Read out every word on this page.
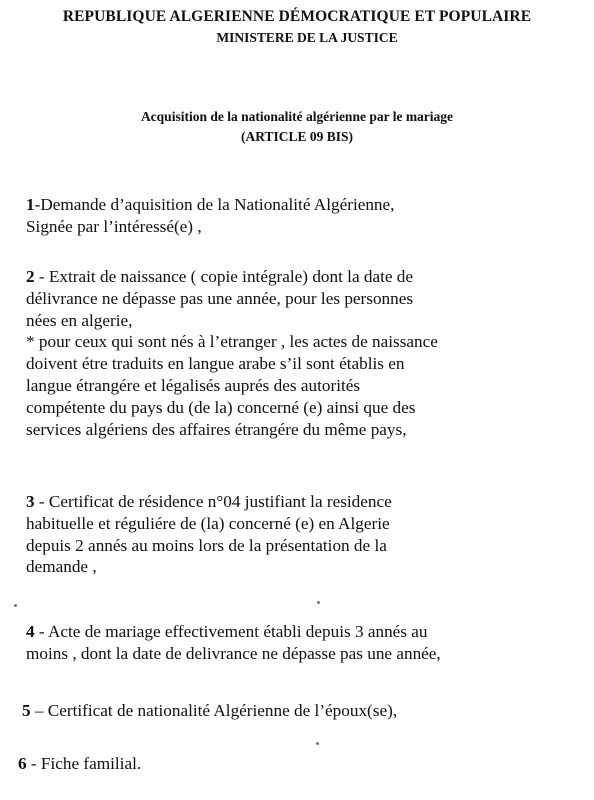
REPUBLIQUE ALGERIENNE DÉMOCRATIQUE ET POPULAIRE
MINISTERE DE LA JUSTICE
Acquisition de la nationalité algérienne par le mariage
(ARTICLE 09 BIS)

1-Demande d’aquisition de la Nationalité Algérienne,

Signée par l’intéressé(e) ,

2 - Extrait de naissance ( copie intégrale) dont la date de

délivrance ne dépasse pas une année, pour les personnes

nées en algerie,

* pour ceux qui sont nés à l’etranger , les actes de naissance

doivent étre traduits en langue arabe s’il sont établis en

langue étrangére et légalisés auprés des autorités

compétente du pays du (de la) concerné (e) ainsi que des

services algériens des affaires étrangére du même pays,

3 - Certificat de résidence n°04 justifiant la residence

habituelle et réguliére de (la) concerné (e) en Algerie

depuis 2 annés au moins lors de la présentation de la

demande ,

4 - Acte de mariage effectivement établi depuis 3 annés au

moins , dont la date de delivrance ne dépasse pas une année,

5 – Certificat de nationalité Algérienne de l’époux(se),

6 - Fiche familial.
